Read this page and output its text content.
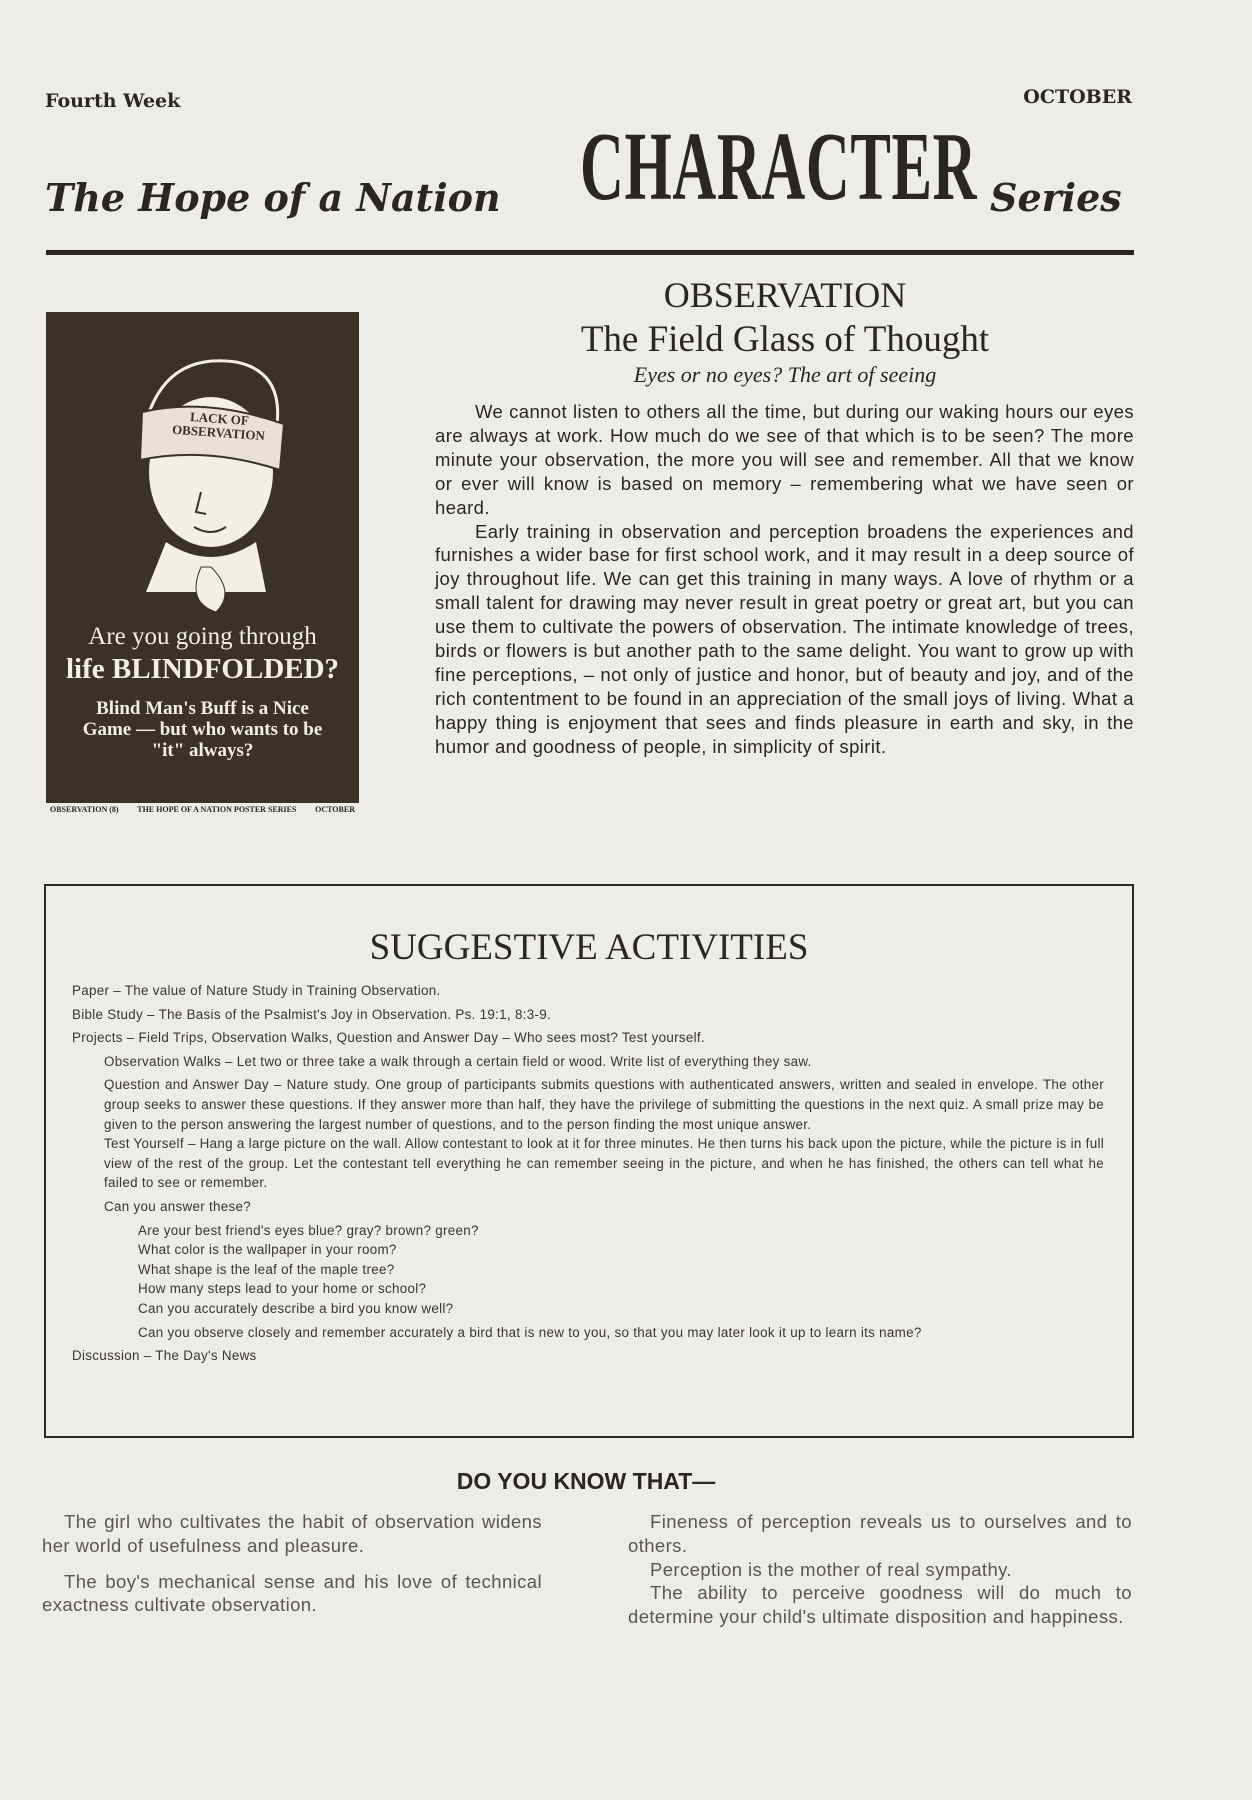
Fourth Week	OCTOBER
The Hope of a Nation CHARACTER Series
LACK OF OBSERVATION
Are you going through
life BLINDFOLDED?
Blind Man's Buff is a Nice Game — but who wants to be "it" always?
OBSERVATION (8) THE HOPE OF A NATION POSTER SERIES OCTOBER
OBSERVATION
The Field Glass of Thought
Eyes or no eyes? The art of seeing

We cannot listen to others all the time, but during our waking hours our eyes are always at work. How much do we see of that which is to be seen? The more minute your observation, the more you will see and remember. All that we know or ever will know is based on memory – remembering what we have seen or heard.

Early training in observation and perception broadens the experiences and furnishes a wider base for first school work, and it may result in a deep source of joy throughout life. We can get this training in many ways. A love of rhythm or a small talent for drawing may never result in great poetry or great art, but you can use them to cultivate the powers of observation. The intimate knowledge of trees, birds or flowers is but another path to the same delight. You want to grow up with fine perceptions, – not only of justice and honor, but of beauty and joy, and of the rich contentment to be found in an appreciation of the small joys of living. What a happy thing is enjoyment that sees and finds pleasure in earth and sky, in the humor and goodness of people, in simplicity of spirit.

SUGGESTIVE ACTIVITIES
Paper – The value of Nature Study in Training Observation.
Bible Study – The Basis of the Psalmist's Joy in Observation. Ps. 19:1, 8:3-9.
Projects – Field Trips, Observation Walks, Question and Answer Day – Who sees most? Test yourself.
Observation Walks – Let two or three take a walk through a certain field or wood. Write list of everything they saw.
Question and Answer Day – Nature study. One group of participants submits questions with authenticated answers, written and sealed in envelope. The other group seeks to answer these questions. If they answer more than half, they have the privilege of submitting the questions in the next quiz. A small prize may be given to the person answering the largest number of questions, and to the person finding the most unique answer.
Test Yourself – Hang a large picture on the wall. Allow contestant to look at it for three minutes. He then turns his back upon the picture, while the picture is in full view of the rest of the group. Let the contestant tell everything he can remember seeing in the picture, and when he has finished, the others can tell what he failed to see or remember.
Can you answer these?
Are your best friend's eyes blue? gray? brown? green?
What color is the wallpaper in your room?
What shape is the leaf of the maple tree?
How many steps lead to your home or school?
Can you accurately describe a bird you know well?
Can you observe closely and remember accurately a bird that is new to you, so that you may later look it up to learn its name?
Discussion – The Day's News
DO YOU KNOW THAT—

The girl who cultivates the habit of observation widens her world of usefulness and pleasure.

The boy's mechanical sense and his love of technical exactness cultivate observation.

Fineness of perception reveals us to ourselves and to others.

Perception is the mother of real sympathy.

The ability to perceive goodness will do much to determine your child's ultimate disposition and happiness.
